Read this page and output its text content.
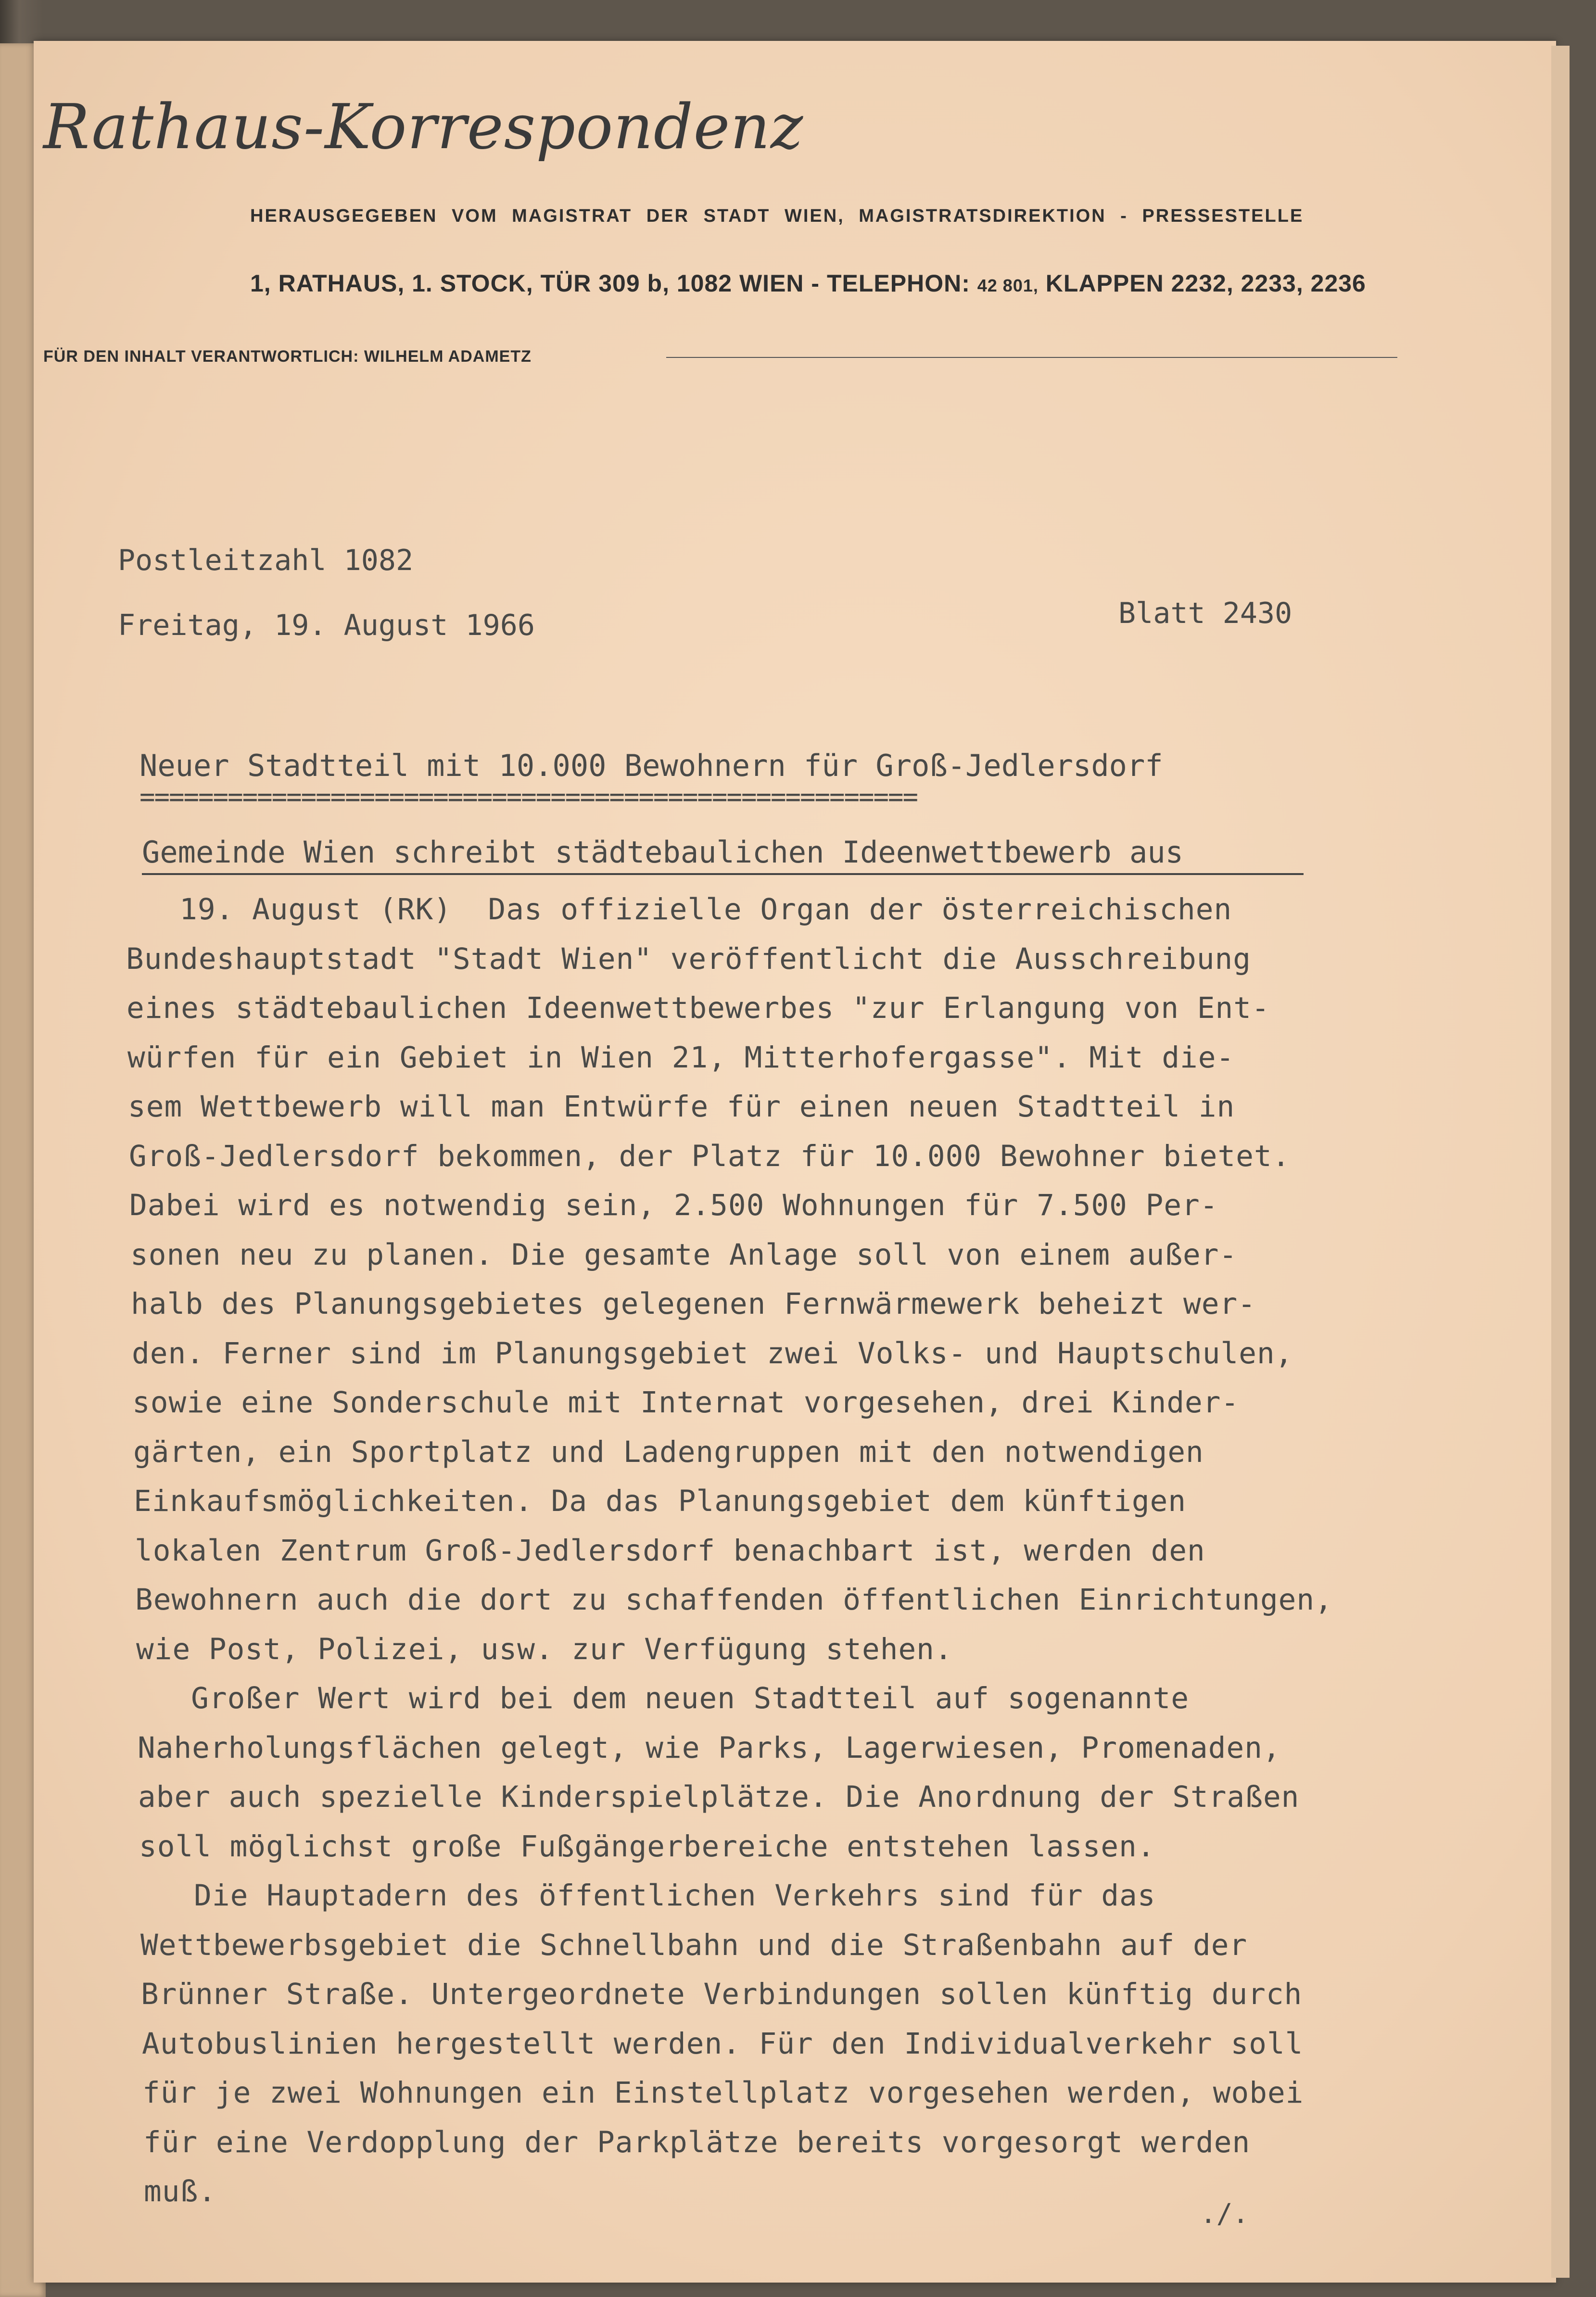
Rathaus-Korrespondenz
HERAUSGEGEBEN VOM MAGISTRAT DER STADT WIEN, MAGISTRATSDIREKTION - PRESSESTELLE
1, RATHAUS, 1. STOCK, TÜR 309 b, 1082 WIEN - TELEPHON: 42 801, KLAPPEN 2232, 2233, 2236
FÜR DEN INHALT VERANTWORTLICH: WILHELM ADAMETZ
Postleitzahl 1082
Freitag, 19. August 1966	Blatt 2430
Neuer Stadtteil mit 10.000 Bewohnern für Groß-Jedlersdorf
=====================================================
Gemeinde Wien schreibt städtebaulichen Ideenwettbewerb aus
19. August (RK)  Das offizielle Organ der österreichischen
Bundeshauptstadt "Stadt Wien" veröffentlicht die Ausschreibung
eines städtebaulichen Ideenwettbewerbes "zur Erlangung von Ent-
würfen für ein Gebiet in Wien 21, Mitterhofergasse". Mit die-
sem Wettbewerb will man Entwürfe für einen neuen Stadtteil in
Groß-Jedlersdorf bekommen, der Platz für 10.000 Bewohner bietet.
Dabei wird es notwendig sein, 2.500 Wohnungen für 7.500 Per-
sonen neu zu planen. Die gesamte Anlage soll von einem außer-
halb des Planungsgebietes gelegenen Fernwärmewerk beheizt wer-
den. Ferner sind im Planungsgebiet zwei Volks- und Hauptschulen,
sowie eine Sonderschule mit Internat vorgesehen, drei Kinder-
gärten, ein Sportplatz und Ladengruppen mit den notwendigen
Einkaufsmöglichkeiten. Da das Planungsgebiet dem künftigen
lokalen Zentrum Groß-Jedlersdorf benachbart ist, werden den
Bewohnern auch die dort zu schaffenden öffentlichen Einrichtungen,
wie Post, Polizei, usw. zur Verfügung stehen.
Großer Wert wird bei dem neuen Stadtteil auf sogenannte
Naherholungsflächen gelegt, wie Parks, Lagerwiesen, Promenaden,
aber auch spezielle Kinderspielplätze. Die Anordnung der Straßen
soll möglichst große Fußgängerbereiche entstehen lassen.
Die Hauptadern des öffentlichen Verkehrs sind für das
Wettbewerbsgebiet die Schnellbahn und die Straßenbahn auf der
Brünner Straße. Untergeordnete Verbindungen sollen künftig durch
Autobuslinien hergestellt werden. Für den Individualverkehr soll
für je zwei Wohnungen ein Einstellplatz vorgesehen werden, wobei
für eine Verdopplung der Parkplätze bereits vorgesorgt werden
muß.
./.
